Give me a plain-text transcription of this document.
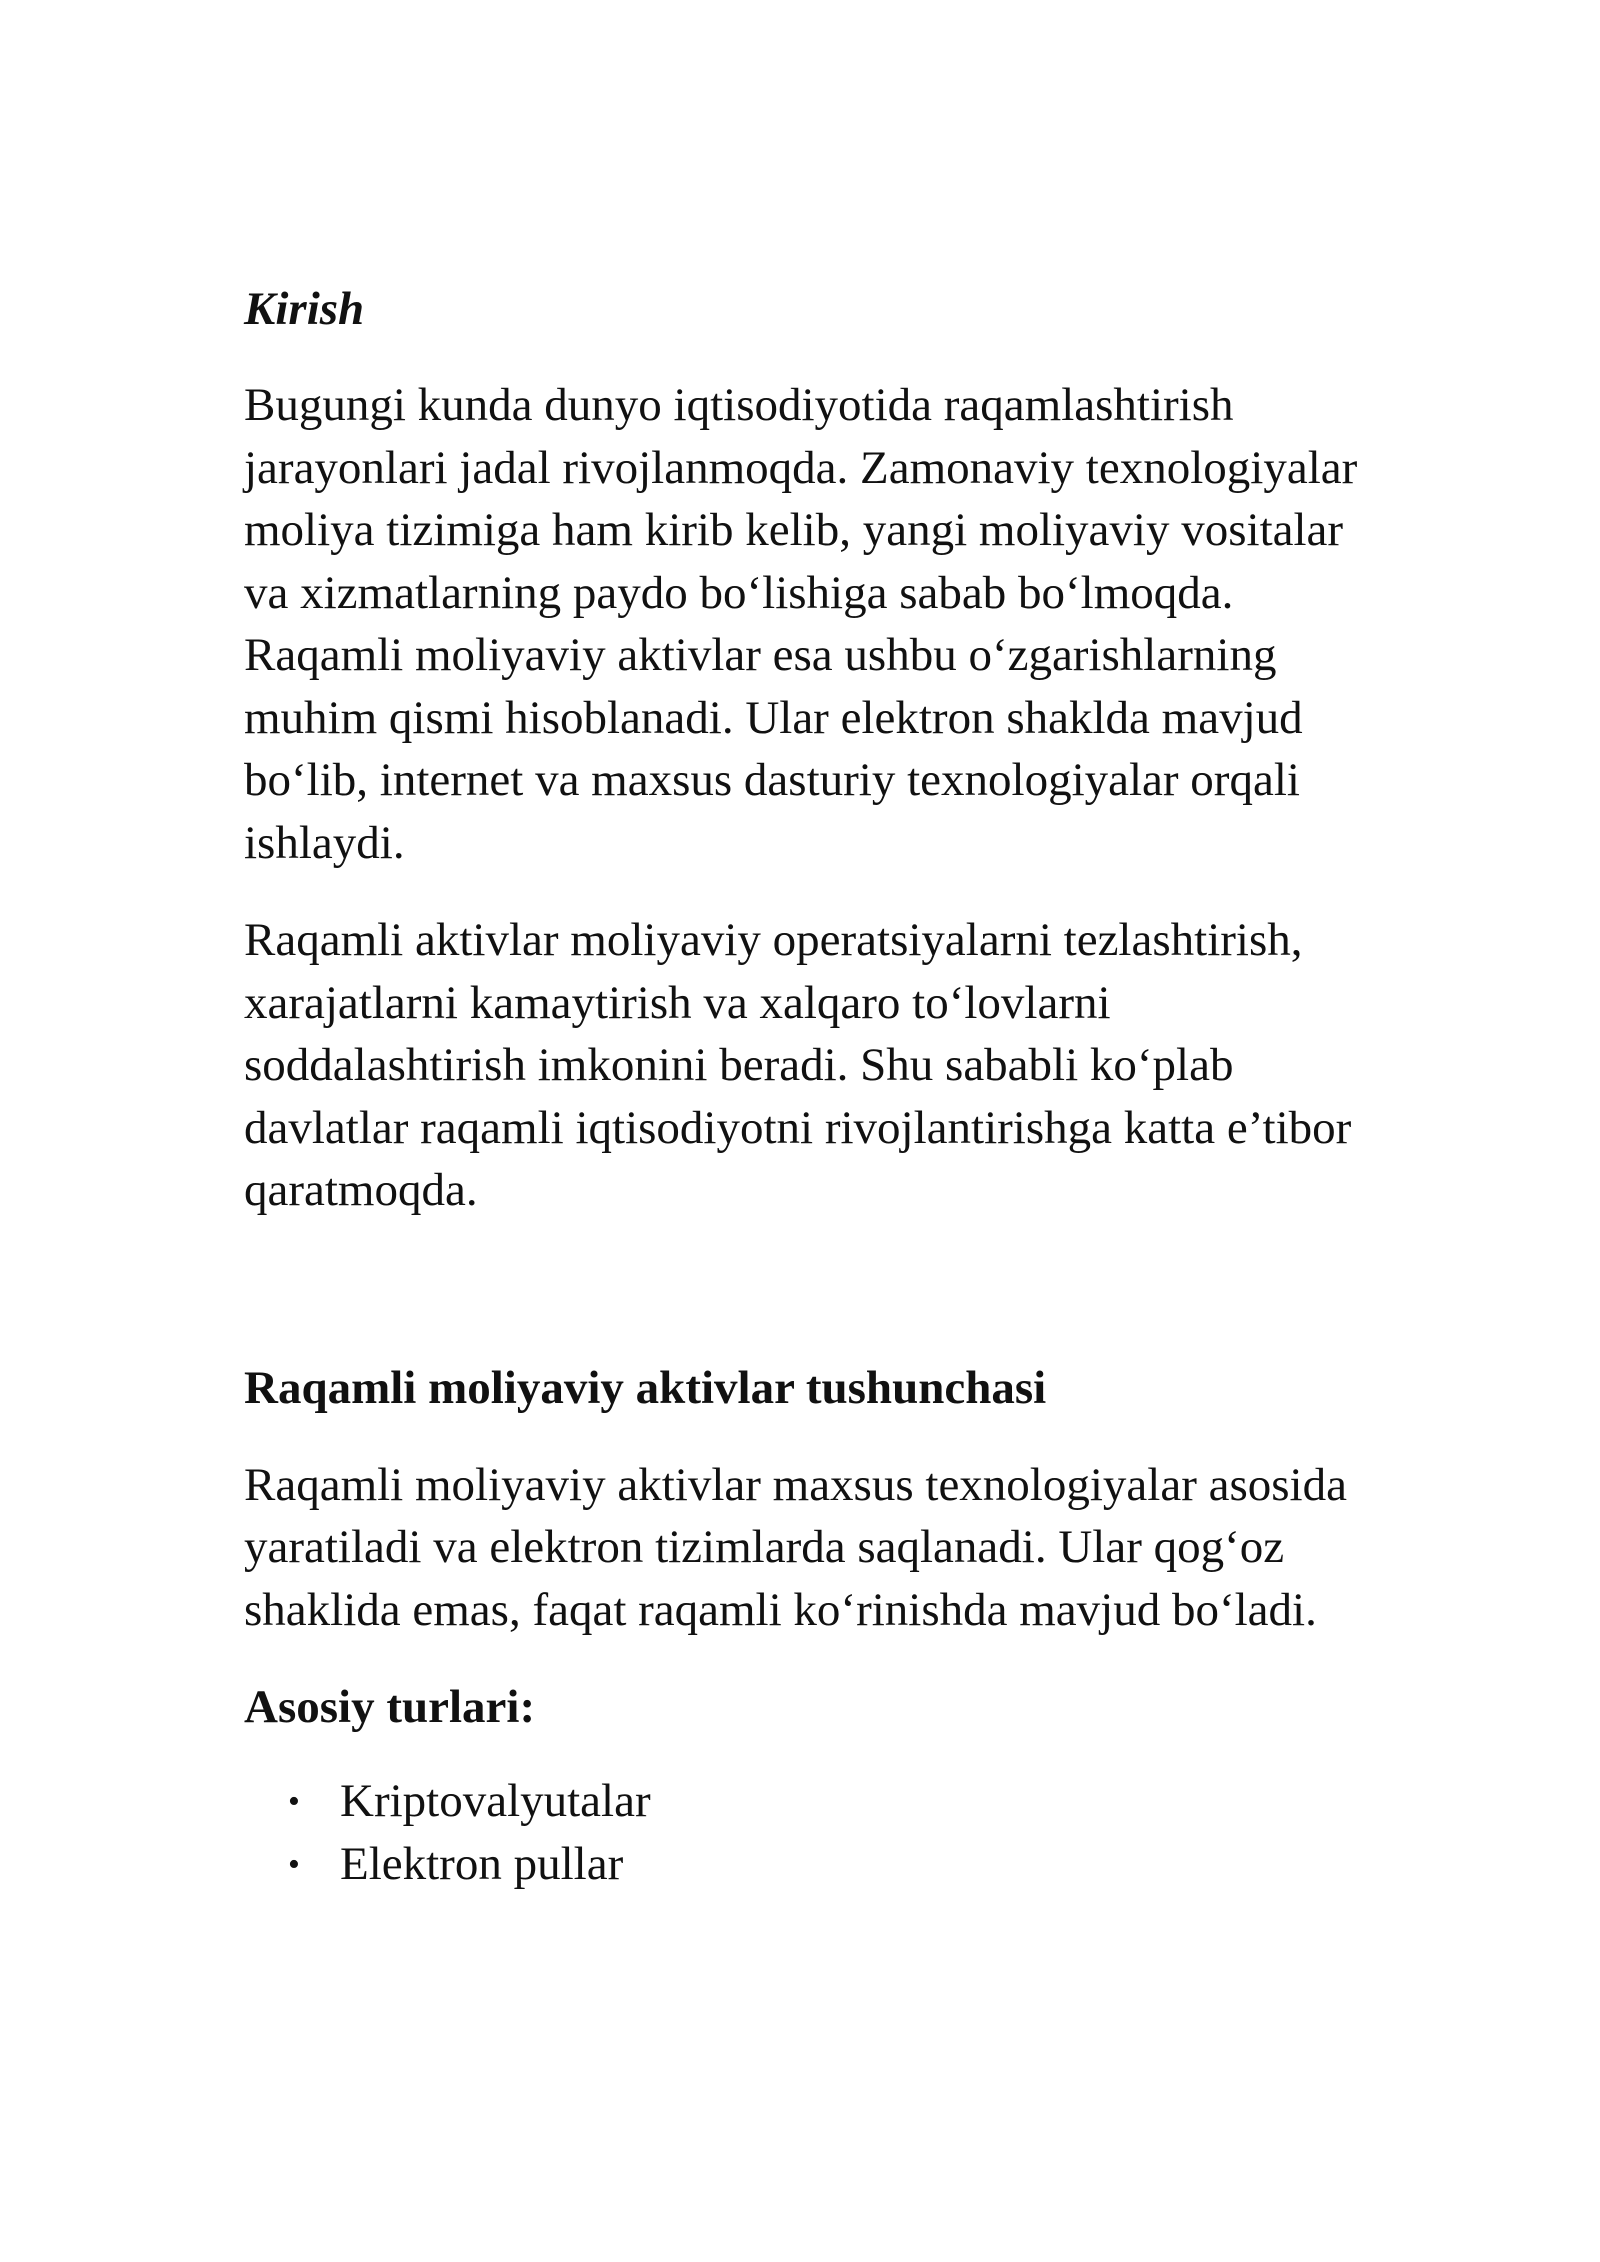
Kirish

Bugungi kunda dunyo iqtisodiyotida raqamlashtirish jarayonlari jadal rivojlanmoqda. Zamonaviy texnologiyalar moliya tizimiga ham kirib kelib, yangi moliyaviy vositalar va xizmatlarning paydo bo‘lishiga sabab bo‘lmoqda. Raqamli moliyaviy aktivlar esa ushbu o‘zgarishlarning muhim qismi hisoblanadi. Ular elektron shaklda mavjud bo‘lib, internet va maxsus dasturiy texnologiyalar orqali ishlaydi.

Raqamli aktivlar moliyaviy operatsiyalarni tezlashtirish, xarajatlarni kamaytirish va xalqaro to‘lovlarni soddalashtirish imkonini beradi. Shu sababli ko‘plab davlatlar raqamli iqtisodiyotni rivojlantirishga katta e’tibor qaratmoqda.

Raqamli moliyaviy aktivlar tushunchasi

Raqamli moliyaviy aktivlar maxsus texnologiyalar asosida yaratiladi va elektron tizimlarda saqlanadi. Ular qog‘oz shaklida emas, faqat raqamli ko‘rinishda mavjud bo‘ladi.

Asosiy turlari:
• Kriptovalyutalar
• Elektron pullar
